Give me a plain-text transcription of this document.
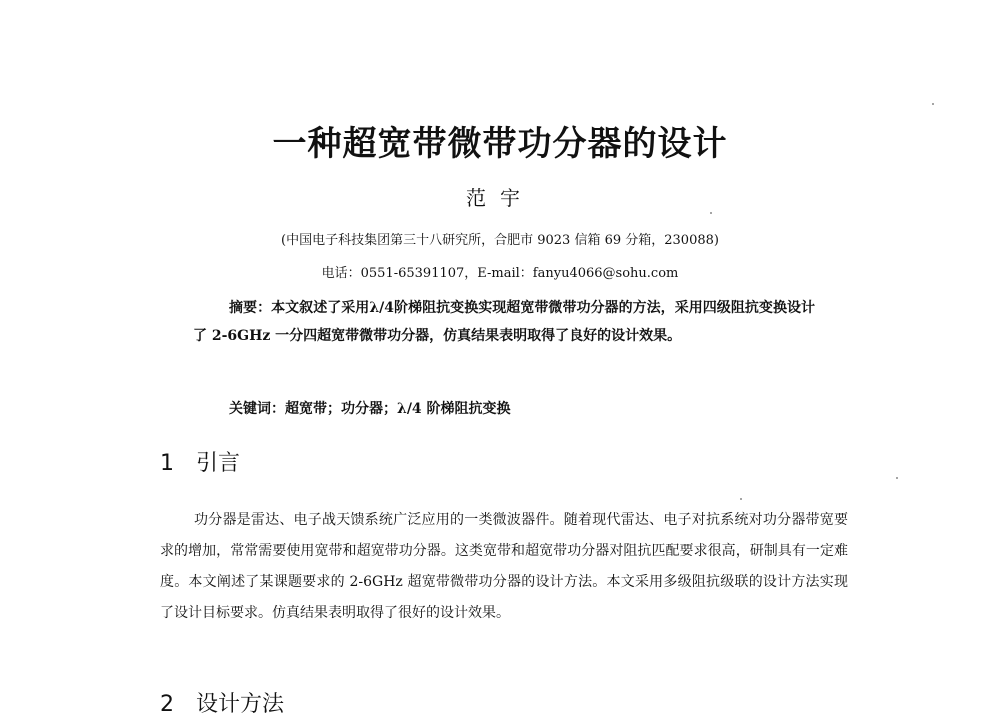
一种超宽带微带功分器的设计
范宇
(中国电子科技集团第三十八研究所，合肥市 9023 信箱 69 分箱，230088)
电话：0551-65391107，E-mail：fanyu4066@sohu.com
摘要：本文叙述了采用λ/4阶梯阻抗变换实现超宽带微带功分器的方法，采用四级阻抗变换设计了 2-6GHz 一分四超宽带微带功分器，仿真结果表明取得了良好的设计效果。
关键词：超宽带；功分器；λ/4 阶梯阻抗变换
1 引言
功分器是雷达、电子战天馈系统广泛应用的一类微波器件。随着现代雷达、电子对抗系统对功分器带宽要求的增加，常常需要使用宽带和超宽带功分器。这类宽带和超宽带功分器对阻抗匹配要求很高，研制具有一定难度。本文阐述了某课题要求的 2-6GHz 超宽带微带功分器的设计方法。本文采用多级阻抗级联的设计方法实现了设计目标要求。仿真结果表明取得了很好的设计效果。
2 设计方法
